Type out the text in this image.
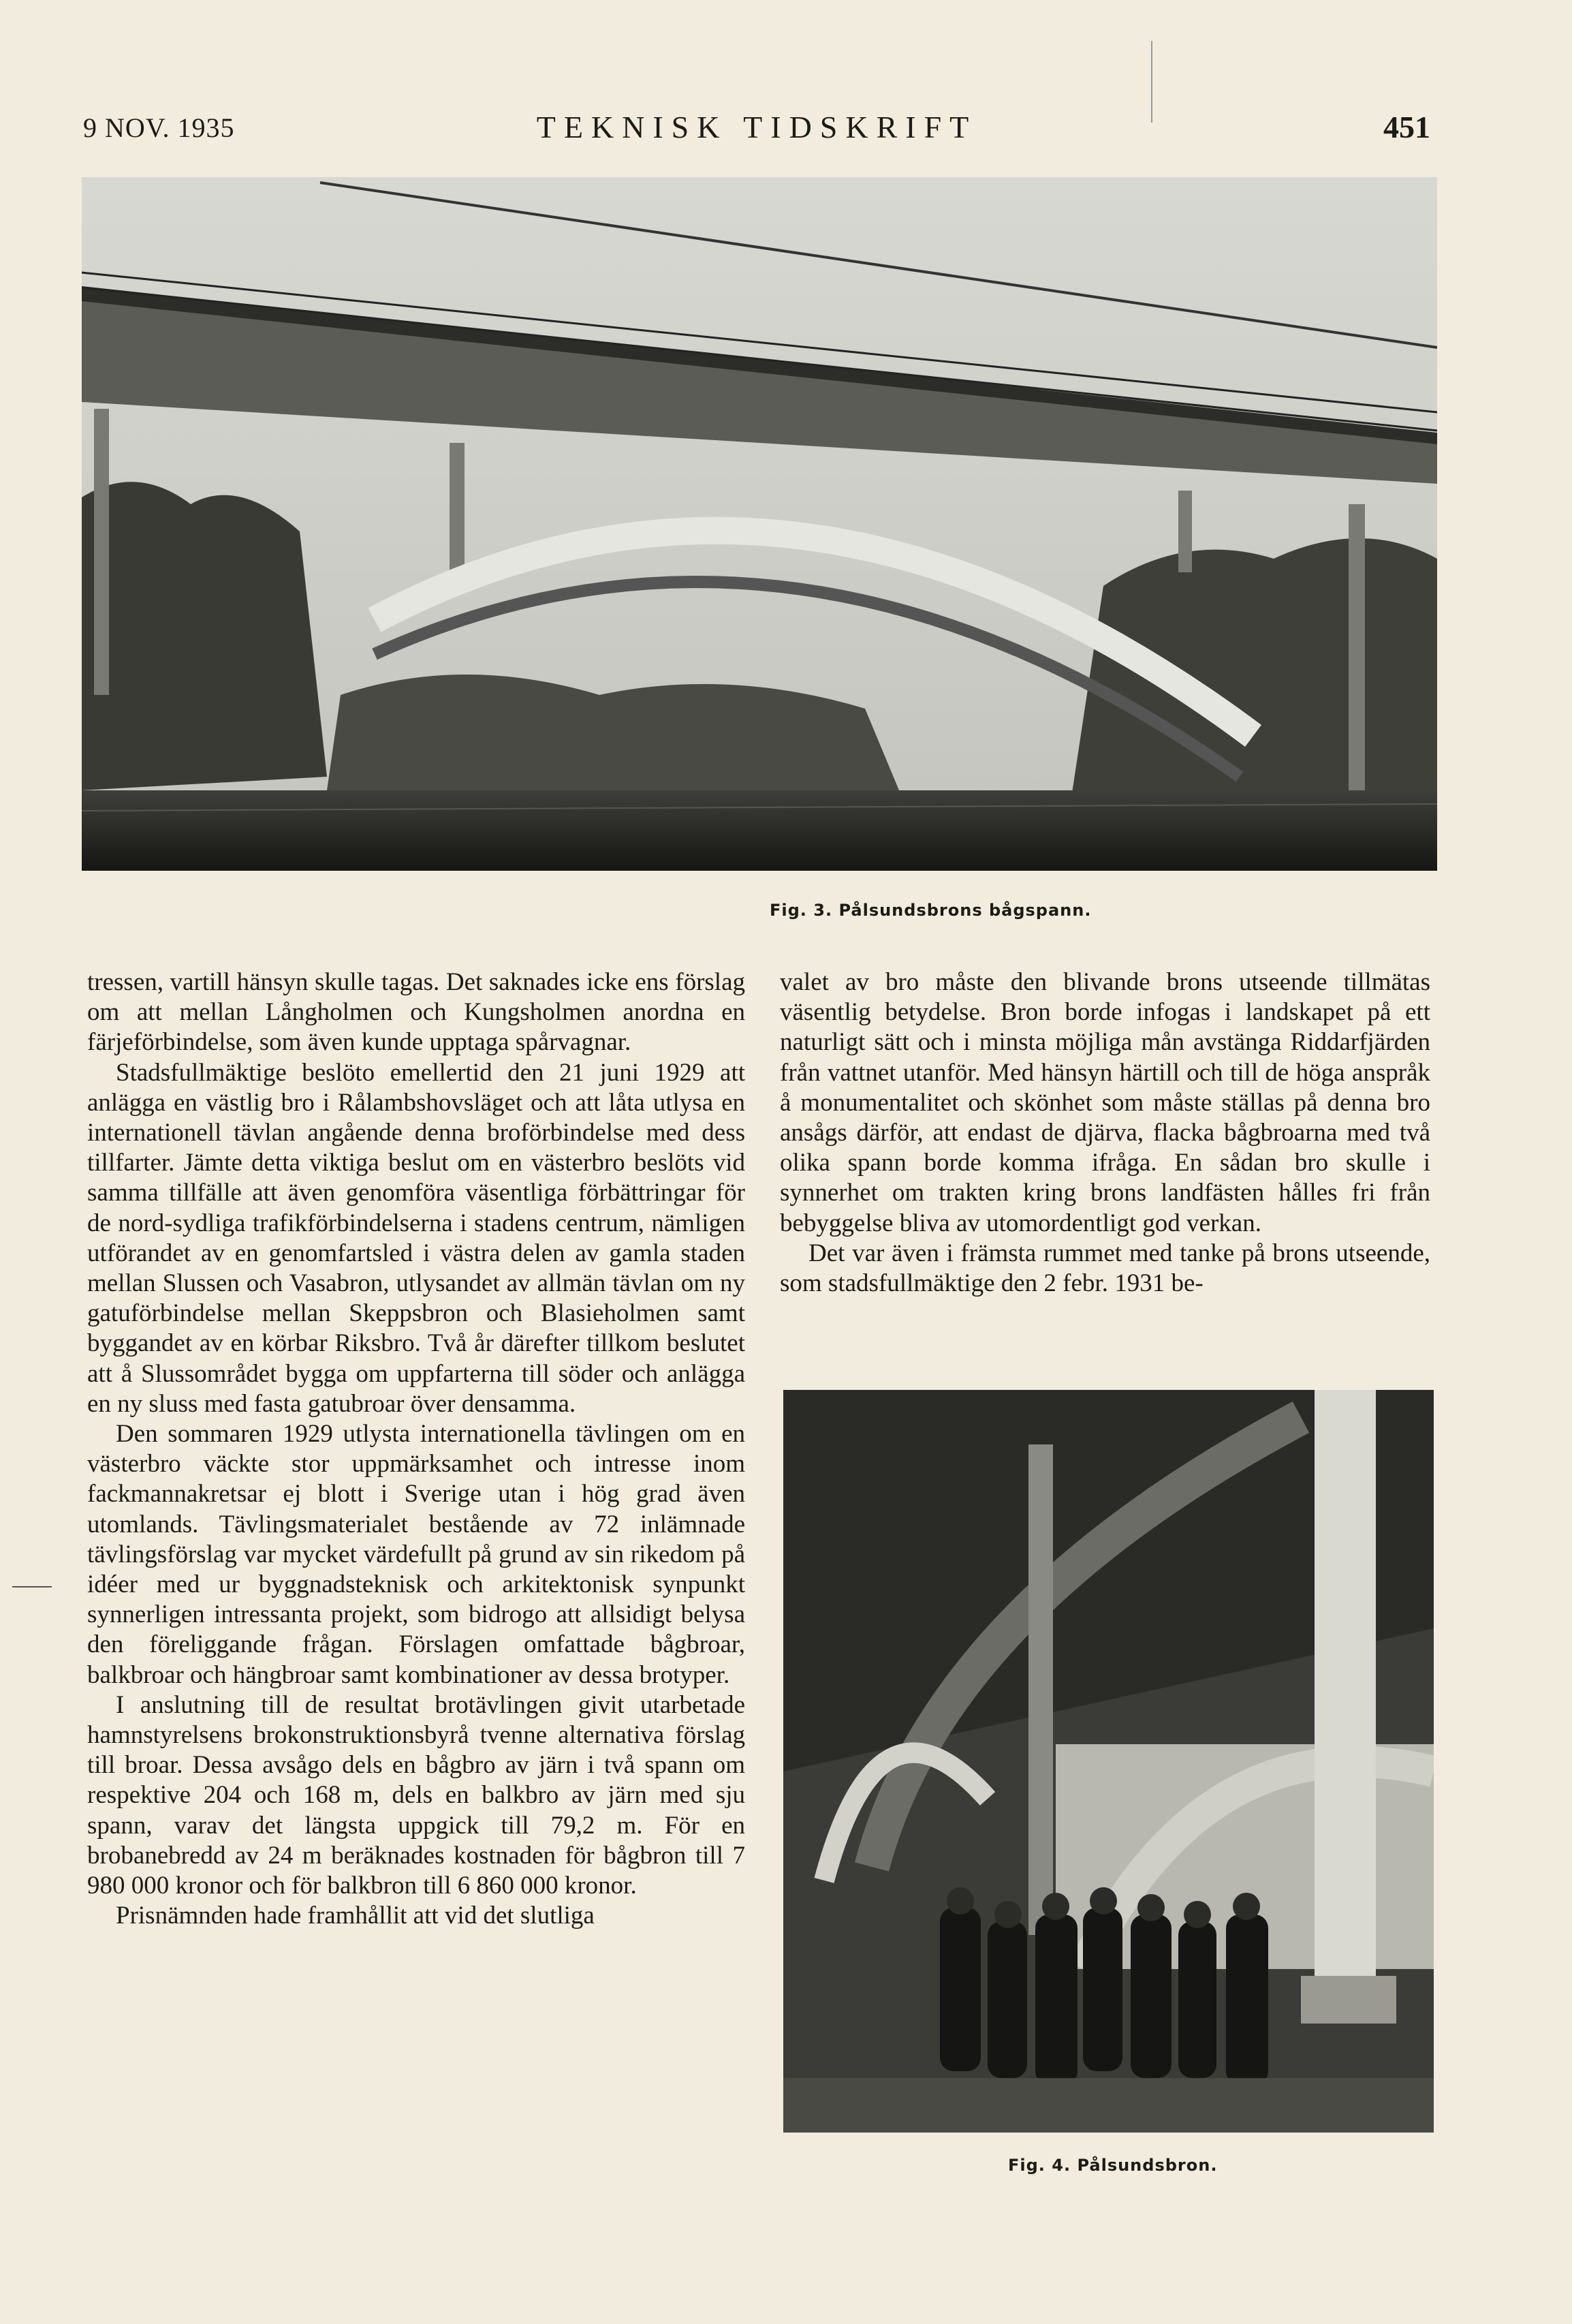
9 NOV. 1935	TEKNISK TIDSKRIFT	451
Fig. 3. Pålsundsbrons bågspann.
Fig. 4. Pålsundsbron.

tressen, vartill hänsyn skulle tagas. Det saknades icke ens förslag om att mellan Långholmen och Kungsholmen anordna en färjeförbindelse, som även kunde upptaga spårvagnar.

Stadsfullmäktige beslöto emellertid den 21 juni 1929 att anlägga en västlig bro i Rålambshovsläget och att låta utlysa en internationell tävlan angående denna broförbindelse med dess tillfarter. Jämte detta viktiga beslut om en västerbro beslöts vid samma tillfälle att även genomföra väsentliga förbättringar för de nord-sydliga trafikförbindelserna i stadens centrum, nämligen utförandet av en genomfartsled i västra delen av gamla staden mellan Slussen och Vasabron, utlysandet av allmän tävlan om ny gatuförbindelse mellan Skeppsbron och Blasieholmen samt byggandet av en körbar Riksbro. Två år därefter tillkom beslutet att å Slussområdet bygga om uppfarterna till söder och anlägga en ny sluss med fasta gatubroar över densamma.

Den sommaren 1929 utlysta internationella tävlingen om en västerbro väckte stor uppmärksamhet och intresse inom fackmannakretsar ej blott i Sverige utan i hög grad även utomlands. Tävlingsmaterialet bestående av 72 inlämnade tävlingsförslag var mycket värdefullt på grund av sin rikedom på idéer med ur byggnadsteknisk och arkitektonisk synpunkt synnerligen intressanta projekt, som bidrogo att allsidigt belysa den föreliggande frågan. Förslagen omfattade bågbroar, balkbroar och hängbroar samt kombinationer av dessa brotyper.

I anslutning till de resultat brotävlingen givit utarbetade hamnstyrelsens brokonstruktionsbyrå tvenne alternativa förslag till broar. Dessa avsågo dels en bågbro av järn i två spann om respektive 204 och 168 m, dels en balkbro av järn med sju spann, varav det längsta uppgick till 79,2 m. För en brobanebredd av 24 m beräknades kostnaden för bågbron till 7 980 000 kronor och för balkbron till 6 860 000 kronor.

Prisnämnden hade framhållit att vid det slutliga

valet av bro måste den blivande brons utseende tillmätas väsentlig betydelse. Bron borde infogas i landskapet på ett naturligt sätt och i minsta möjliga mån avstänga Riddarfjärden från vattnet utanför. Med hänsyn härtill och till de höga anspråk å monumentalitet och skönhet som måste ställas på denna bro ansågs därför, att endast de djärva, flacka bågbroarna med två olika spann borde komma ifråga. En sådan bro skulle i synnerhet om trakten kring brons landfästen hålles fri från bebyggelse bliva av utomordentligt god verkan.

Det var även i främsta rummet med tanke på brons utseende, som stadsfullmäktige den 2 febr. 1931 be-
